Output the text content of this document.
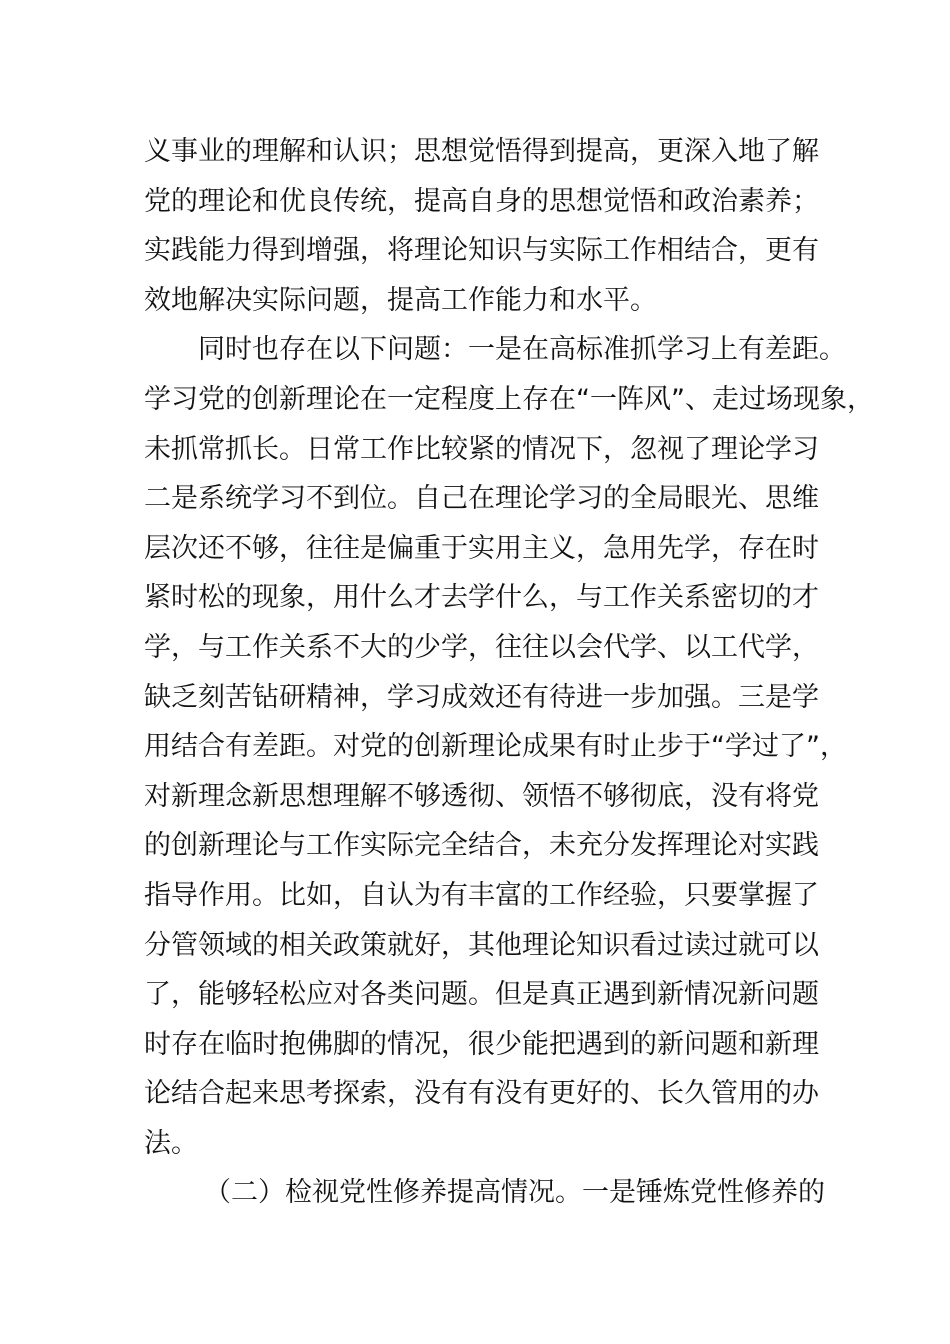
义事业的理解和认识；思想觉悟得到提高，更深入地了解
党的理论和优良传统，提高自身的思想觉悟和政治素养；
实践能力得到增强，将理论知识与实际工作相结合，更有
效地解决实际问题，提高工作能力和水平。
同时也存在以下问题：一是在高标准抓学习上有差距。
学习党的创新理论在一定程度上存在“一阵风”、走过场现象，
未抓常抓长。日常工作比较紧的情况下，忽视了理论学习
二是系统学习不到位。自己在理论学习的全局眼光、思维
层次还不够，往往是偏重于实用主义，急用先学，存在时
紧时松的现象，用什么才去学什么，与工作关系密切的才
学，与工作关系不大的少学，往往以会代学、以工代学，
缺乏刻苦钻研精神，学习成效还有待进一步加强。三是学
用结合有差距。对党的创新理论成果有时止步于“学过了”，
对新理念新思想理解不够透彻、领悟不够彻底，没有将党
的创新理论与工作实际完全结合，未充分发挥理论对实践
指导作用。比如，自认为有丰富的工作经验，只要掌握了
分管领域的相关政策就好，其他理论知识看过读过就可以
了，能够轻松应对各类问题。但是真正遇到新情况新问题
时存在临时抱佛脚的情况，很少能把遇到的新问题和新理
论结合起来思考探索，没有有没有更好的、长久管用的办
法。
（二）检视党性修养提高情况。一是锤炼党性修养的
